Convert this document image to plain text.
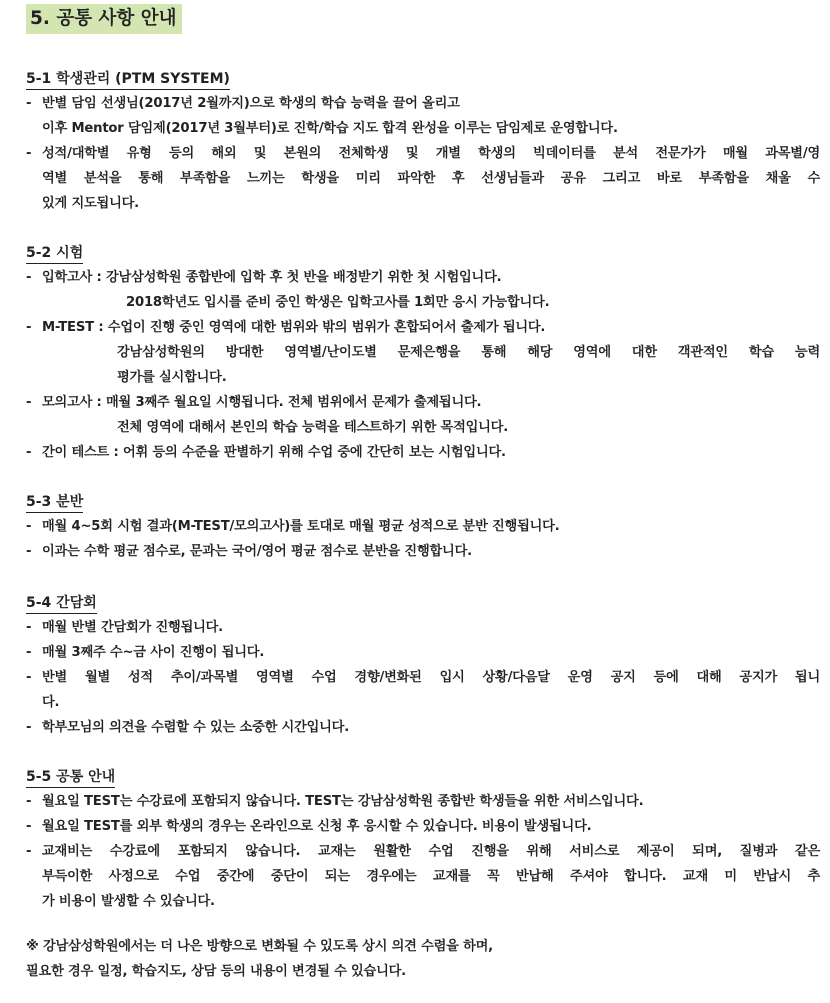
5. 공통 사항 안내
5-1 학생관리 (PTM SYSTEM)
- 반별 담임 선생님(2017년 2월까지)으로 학생의 학습 능력을 끌어 올리고
이후 Mentor 담임제(2017년 3월부터)로 진학/학습 지도 합격 완성을 이루는 담임제로 운영합니다.
- 성적/대학별 유형 등의 해외 및 본원의 전체학생 및 개별 학생의 빅데이터를 분석 전문가가 매월 과목별/영
역별 분석을 통해 부족함을 느끼는 학생을 미리 파악한 후 선생님들과 공유 그리고 바로 부족함을 채울 수
있게 지도됩니다.
5-2 시험
- 입학고사 : 강남삼성학원 종합반에 입학 후 첫 반을 배정받기 위한 첫 시험입니다.
2018학년도 입시를 준비 중인 학생은 입학고사를 1회만 응시 가능합니다.
- M-TEST : 수업이 진행 중인 영역에 대한 범위와 밖의 범위가 혼합되어서 출제가 됩니다.
강남삼성학원의 방대한 영역별/난이도별 문제은행을 통해 해당 영역에 대한 객관적인 학습 능력
평가를 실시합니다.
- 모의고사 : 매월 3째주 월요일 시행됩니다. 전체 범위에서 문제가 출제됩니다.
전체 영역에 대해서 본인의 학습 능력을 테스트하기 위한 목적입니다.
- 간이 테스트 : 어휘 등의 수준을 판별하기 위해 수업 중에 간단히 보는 시험입니다.
5-3 분반
- 매월 4~5회 시험 결과(M-TEST/모의고사)를 토대로 매월 평균 성적으로 분반 진행됩니다.
- 이과는 수학 평균 점수로, 문과는 국어/영어 평균 점수로 분반을 진행합니다.
5-4 간담회
- 매월 반별 간담회가 진행됩니다.
- 매월 3째주 수~금 사이 진행이 됩니다.
- 반별 월별 성적 추이/과목별 영역별 수업 경향/변화된 입시 상황/다음달 운영 공지 등에 대해 공지가 됩니
다.
- 학부모님의 의견을 수렴할 수 있는 소중한 시간입니다.
5-5 공통 안내
- 월요일 TEST는 수강료에 포함되지 않습니다. TEST는 강남삼성학원 종합반 학생들을 위한 서비스입니다.
- 월요일 TEST를 외부 학생의 경우는 온라인으로 신청 후 응시할 수 있습니다. 비용이 발생됩니다.
- 교재비는 수강료에 포함되지 않습니다. 교재는 원활한 수업 진행을 위해 서비스로 제공이 되며, 질병과 같은
부득이한 사정으로 수업 중간에 중단이 되는 경우에는 교재를 꼭 반납해 주셔야 합니다. 교재 미 반납시 추
가 비용이 발생할 수 있습니다.
※ 강남삼성학원에서는 더 나은 방향으로 변화될 수 있도록 상시 의견 수렴을 하며,
필요한 경우 일정, 학습지도, 상담 등의 내용이 변경될 수 있습니다.
